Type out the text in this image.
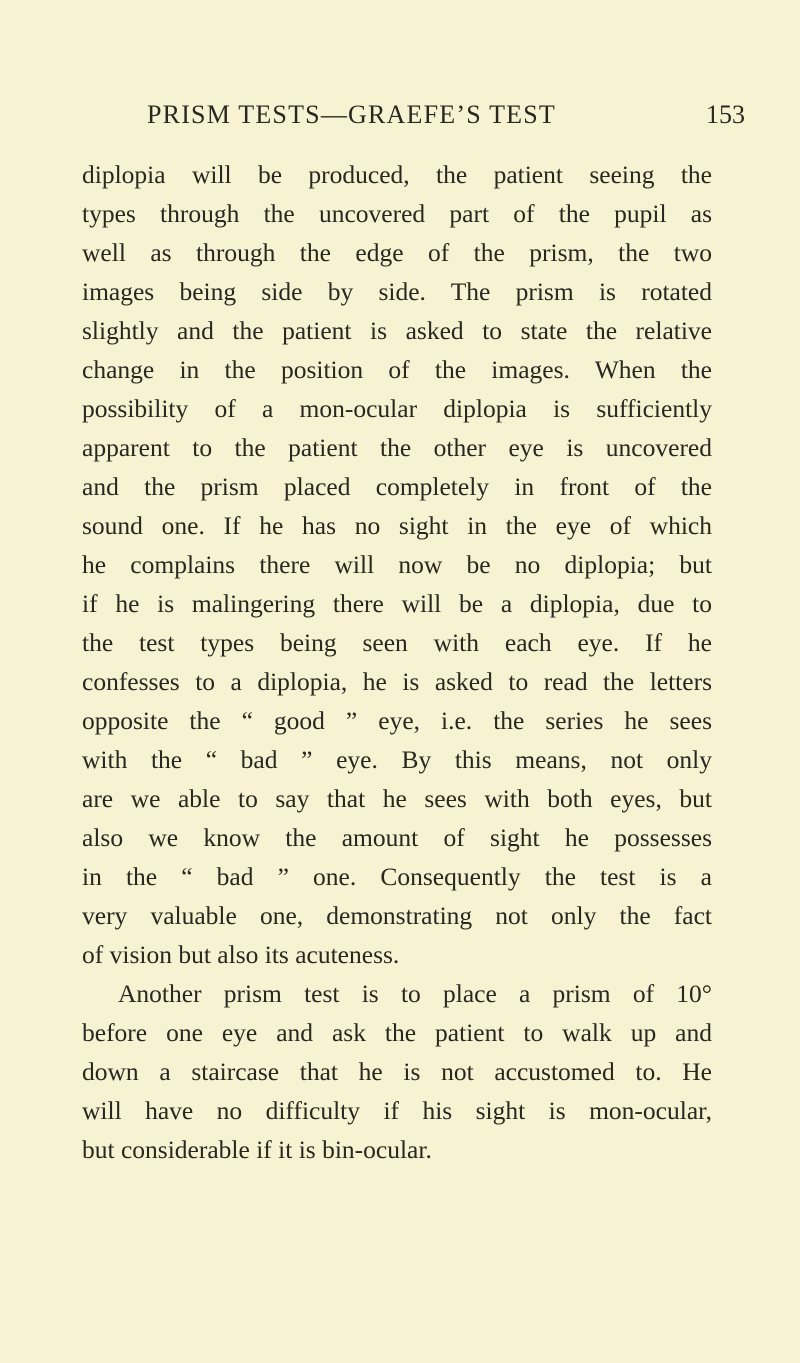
PRISM TESTS—GRAEFE’S TEST	153
diplopia will be produced, the patient seeing the
types through the uncovered part of the pupil as
well as through the edge of the prism, the two
images being side by side. The prism is rotated
slightly and the patient is asked to state the relative
change in the position of the images. When the
possibility of a mon-ocular diplopia is sufficiently
apparent to the patient the other eye is uncovered
and the prism placed completely in front of the
sound one. If he has no sight in the eye of which
he complains there will now be no diplopia; but
if he is malingering there will be a diplopia, due to
the test types being seen with each eye. If he
confesses to a diplopia, he is asked to read the letters
opposite the “ good ” eye, i.e. the series he sees
with the “ bad ” eye. By this means, not only
are we able to say that he sees with both eyes, but
also we know the amount of sight he possesses
in the “ bad ” one. Consequently the test is a
very valuable one, demonstrating not only the fact
of vision but also its acuteness.
Another prism test is to place a prism of 10°
before one eye and ask the patient to walk up and
down a staircase that he is not accustomed to. He
will have no difficulty if his sight is mon-ocular,
but considerable if it is bin-ocular.
